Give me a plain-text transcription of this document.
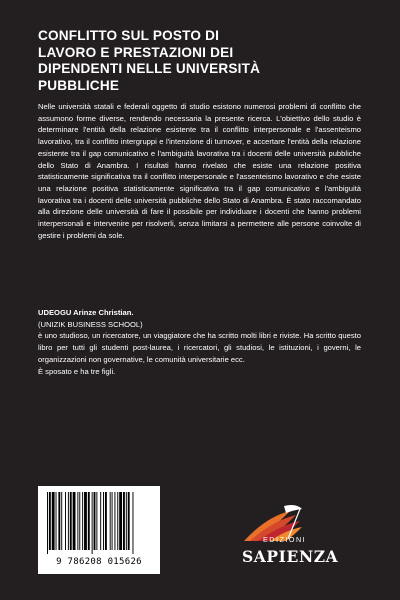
CONFLITTO SUL POSTO DI
LAVORO E PRESTAZIONI DEI
DIPENDENTI NELLE UNIVERSITÀ
PUBBLICHE

Nelle università statali e federali oggetto di studio esistono numerosi problemi di conflitto che assumono forme diverse, rendendo necessaria la presente ricerca. L'obiettivo dello studio è determinare l'entità della relazione esistente tra il conflitto interpersonale e l'assenteismo lavorativo, tra il conflitto intergruppi e l'intenzione di turnover, e accertare l'entità della relazione esistente tra il gap comunicativo e l'ambiguità lavorativa tra i docenti delle università pubbliche dello Stato di Anambra. I risultati hanno rivelato che esiste una relazione positiva statisticamente significativa tra il conflitto interpersonale e l'assenteismo lavorativo e che esiste una relazione positiva statisticamente significativa tra il gap comunicativo e l'ambiguità lavorativa tra i docenti delle università pubbliche dello Stato di Anambra. È stato raccomandato alla direzione delle università di fare il possibile per individuare i docenti che hanno problemi interpersonali e intervenire per risolverli, senza limitarsi a permettere alle persone coinvolte di gestire i problemi da sole.

UDEOGU Arinze Christian.
(UNIZIK BUSINESS SCHOOL)
è uno studioso, un ricercatore, un viaggiatore che ha scritto molti libri e riviste. Ha scritto questo libro per tutti gli studenti post-laurea, i ricercatori, gli studiosi, le istituzioni, i governi, le organizzazioni non governative, le comunità universitarie ecc.
È sposato e ha tre figli.
9 786208 015626
EDIZIONI
SAPIENZA
